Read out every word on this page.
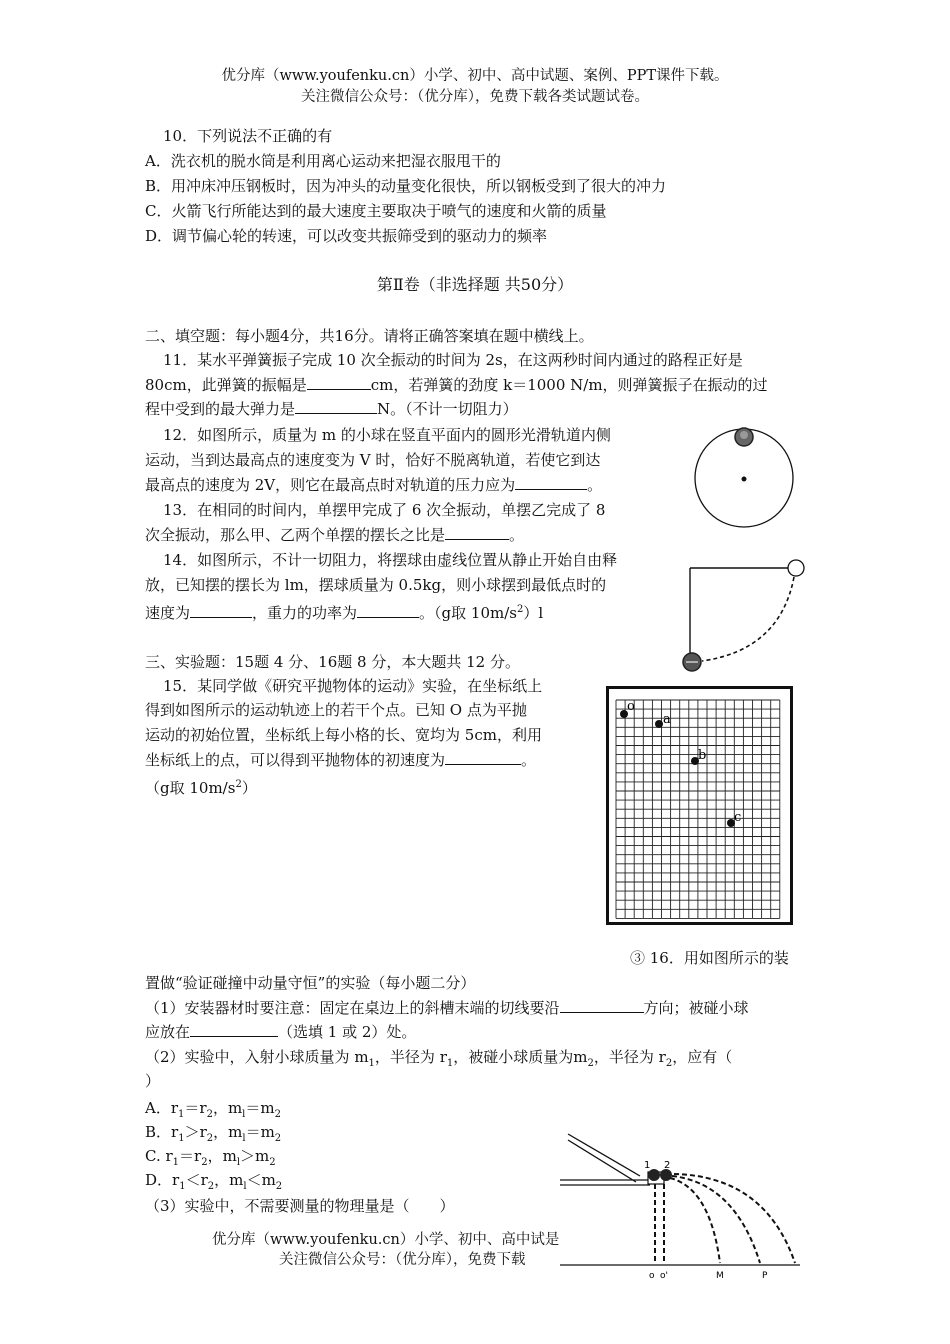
优分库（www.youfenku.cn）小学、初中、高中试题、案例、PPT课件下载。
关注微信公众号：（优分库），免费下载各类试题试卷。
10．下列说法不正确的有
A．洗衣机的脱水筒是利用离心运动来把湿衣服甩干的
B．用冲床冲压钢板时，因为冲头的动量变化很快，所以钢板受到了很大的冲力
C．火箭飞行所能达到的最大速度主要取决于喷气的速度和火箭的质量
D．调节偏心轮的转速，可以改变共振筛受到的驱动力的频率
第Ⅱ卷（非选择题 共50分）
二、填空题：每小题4分，共16分。请将正确答案填在题中横线上。
11．某水平弹簧振子完成 10 次全振动的时间为 2s，在这两秒时间内通过的路程正好是
80cm，此弹簧的振幅是	cm，若弹簧的劲度 k＝1000 N/m，则弹簧振子在振动的过
程中受到的最大弹力是	N。（不计一切阻力）
12．如图所示，质量为 m 的小球在竖直平面内的圆形光滑轨道内侧
运动，当到达最高点的速度变为 V 时，恰好不脱离轨道，若使它到达
最高点的速度为 2V，则它在最高点时对轨道的压力应为	。
13．在相同的时间内，单摆甲完成了 6 次全振动，单摆乙完成了 8
次全振动，那么甲、乙两个单摆的摆长之比是	。
14．如图所示，不计一切阻力，将摆球由虚线位置从静止开始自由释
放，已知摆的摆长为 lm，摆球质量为 0.5kg，则小球摆到最低点时的
速度为	，重力的功率为	。（g取 $10m/s^2)l$
三、实验题：15题 4 分、16题 8 分，本大题共 12 分。
15．某同学做《研究平抛物体的运动》实验，在坐标纸上
得到如图所示的运动轨迹上的若干个点。已知 O 点为平抛
运动的初始位置，坐标纸上每小格的长、宽均为 5cm，利用
坐标纸上的点，可以得到平抛物体的初速度为	。
（g取 $10m/s^2$）
o
a
b
c
③ 16．用如图所示的装
置做“验证碰撞中动量守恒”的实验（每小题二分）
（1）安装器材时要注意：固定在桌边上的斜槽末端的切线要沿	方向；被碰小球
应放在	（选填 1 或 2）处。
（2）实验中，入射小球质量为 $m_1$，半径为 $r_1$，被碰小球质量为$m_2$，半径为 $r_2$，应有（
）
A．$r_1=r_2$，$m_l=m_2$
B．$r_1>r_2$，$m_l=m_2$
C. $r_1=r_2$，$m_l>m_2$
D．$r_1<r_2$，$m_l<m_2$
（3）实验中，不需要测量的物理量是（　　）
优分库（www.youfenku.cn）小学、初中、高中试是
关注微信公众号：（优分库），免费下载
1 2
o o'	M	P
